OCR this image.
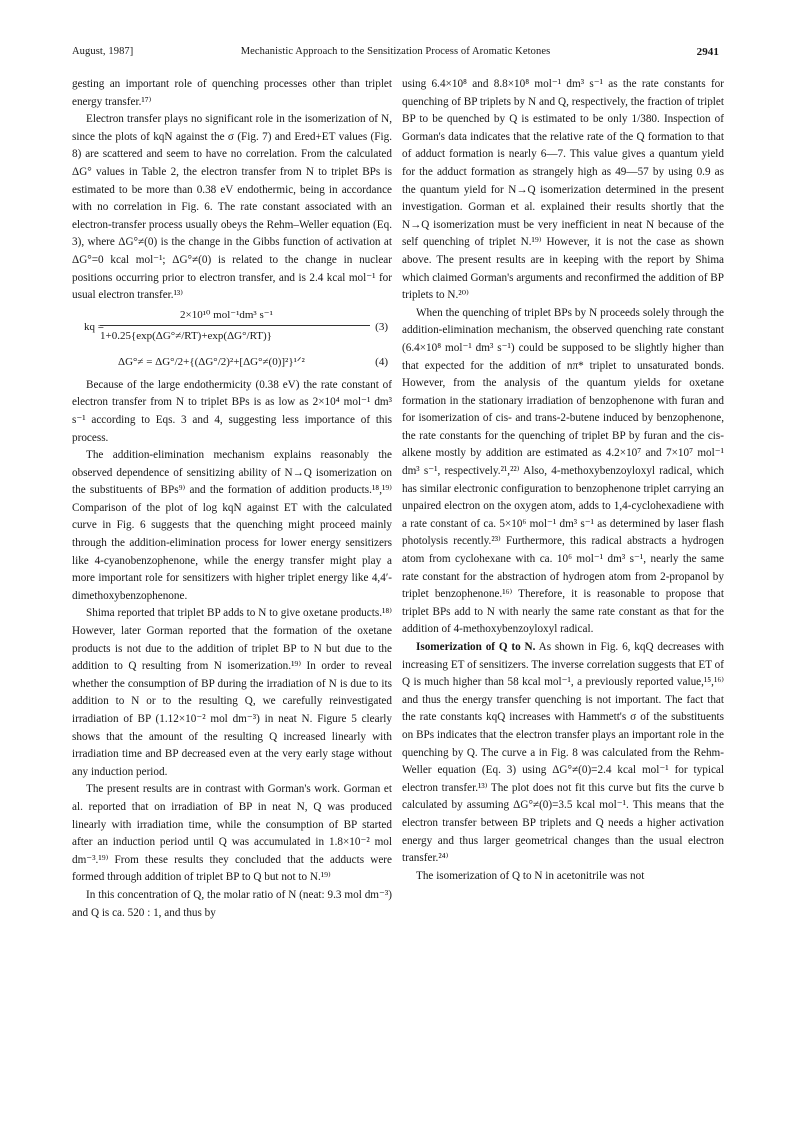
August, 1987]	Mechanistic Approach to the Sensitization Process of Aromatic Ketones	2941

gesting an important role of quenching processes other than triplet energy transfer.¹⁷⁾

Electron transfer plays no significant role in the isomerization of N, since the plots of kqN against the σ (Fig. 7) and Ered+ET values (Fig. 8) are scattered and seem to have no correlation. From the calculated ΔG° values in Table 2, the electron transfer from N to triplet BPs is estimated to be more than 0.38 eV endothermic, being in accordance with no correlation in Fig. 6. The rate constant associated with an electron-transfer process usually obeys the Rehm–Weller equation (Eq. 3), where ΔG°≠(0) is the change in the Gibbs function of activation at ΔG°=0 kcal mol⁻¹; ΔG°≠(0) is related to the change in nuclear positions occurring prior to electron transfer, and is 2.4 kcal mol⁻¹ for usual electron transfer.¹³⁾

kq =
2×10¹⁰ mol⁻¹dm³ s⁻¹
1+0.25{exp(ΔG°≠/RT)+exp(ΔG°/RT)}
(3)
ΔG°≠ = ΔG°/2+{(ΔG°/2)²+[ΔG°≠(0)]²}¹ᐟ²	(4)

Because of the large endothermicity (0.38 eV) the rate constant of electron transfer from N to triplet BPs is as low as 2×10⁴ mol⁻¹ dm³ s⁻¹ according to Eqs. 3 and 4, suggesting less importance of this process.

The addition-elimination mechanism explains reasonably the observed dependence of sensitizing ability of N→Q isomerization on the substituents of BPs⁹⁾ and the formation of addition products.¹⁸,¹⁹⁾ Comparison of the plot of log kqN against ET with the calculated curve in Fig. 6 suggests that the quenching might proceed mainly through the addition-elimination process for lower energy sensitizers like 4-cyanobenzophenone, while the energy transfer might play a more important role for sensitizers with higher triplet energy like 4,4′-dimethoxybenzophenone.

Shima reported that triplet BP adds to N to give oxetane products.¹⁸⁾ However, later Gorman reported that the formation of the oxetane products is not due to the addition of triplet BP to N but due to the addition to Q resulting from N isomerization.¹⁹⁾ In order to reveal whether the consumption of BP during the irradiation of N is due to its addition to N or to the resulting Q, we carefully reinvestigated irradiation of BP (1.12×10⁻² mol dm⁻³) in neat N. Figure 5 clearly shows that the amount of the resulting Q increased linearly with irradiation time and BP decreased even at the very early stage without any induction period.

The present results are in contrast with Gorman's work. Gorman et al. reported that on irradiation of BP in neat N, Q was produced linearly with irradiation time, while the consumption of BP started after an induction period until Q was accumulated in 1.8×10⁻² mol dm⁻³.¹⁹⁾ From these results they concluded that the adducts were formed through addition of triplet BP to Q but not to N.¹⁹⁾

In this concentration of Q, the molar ratio of N (neat: 9.3 mol dm⁻³) and Q is ca. 520 : 1, and thus by

using 6.4×10⁸ and 8.8×10⁸ mol⁻¹ dm³ s⁻¹ as the rate constants for quenching of BP triplets by N and Q, respectively, the fraction of triplet BP to be quenched by Q is estimated to be only 1/380. Inspection of Gorman's data indicates that the relative rate of the Q formation to that of adduct formation is nearly 6—7. This value gives a quantum yield for the adduct formation as strangely high as 49—57 by using 0.9 as the quantum yield for N→Q isomerization determined in the present investigation. Gorman et al. explained their results shortly that the N→Q isomerization must be very inefficient in neat N because of the self quenching of triplet N.¹⁹⁾ However, it is not the case as shown above. The present results are in keeping with the report by Shima which claimed Gorman's arguments and reconfirmed the addition of BP triplets to N.²⁰⁾

When the quenching of triplet BPs by N proceeds solely through the addition-elimination mechanism, the observed quenching rate constant (6.4×10⁸ mol⁻¹ dm³ s⁻¹) could be supposed to be slightly higher than that expected for the addition of nπ* triplet to unsaturated bonds. However, from the analysis of the quantum yields for oxetane formation in the stationary irradiation of benzophenone with furan and for isomerization of cis- and trans-2-butene induced by benzophenone, the rate constants for the quenching of triplet BP by furan and the cis-alkene mostly by addition are estimated as 4.2×10⁷ and 7×10⁷ mol⁻¹ dm³ s⁻¹, respectively.²¹,²²⁾ Also, 4-methoxybenzoyloxyl radical, which has similar electronic configuration to benzophenone triplet carrying an unpaired electron on the oxygen atom, adds to 1,4-cyclohexadiene with a rate constant of ca. 5×10⁶ mol⁻¹ dm³ s⁻¹ as determined by laser flash photolysis recently.²³⁾ Furthermore, this radical abstracts a hydrogen atom from cyclohexane with ca. 10⁶ mol⁻¹ dm³ s⁻¹, nearly the same rate constant for the abstraction of hydrogen atom from 2-propanol by triplet benzophenone.¹⁶⁾ Therefore, it is reasonable to propose that triplet BPs add to N with nearly the same rate constant as that for the addition of 4-methoxybenzoyloxyl radical.

Isomerization of Q to N. As shown in Fig. 6, kqQ decreases with increasing ET of sensitizers. The inverse correlation suggests that ET of Q is much higher than 58 kcal mol⁻¹, a previously reported value,¹⁵,¹⁶⁾ and thus the energy transfer quenching is not important. The fact that the rate constants kqQ increases with Hammett's σ of the substituents on BPs indicates that the electron transfer plays an important role in the quenching by Q. The curve a in Fig. 8 was calculated from the Rehm-Weller equation (Eq. 3) using ΔG°≠(0)=2.4 kcal mol⁻¹ for typical electron transfer.¹³⁾ The plot does not fit this curve but fits the curve b calculated by assuming ΔG°≠(0)=3.5 kcal mol⁻¹. This means that the electron transfer between BP triplets and Q needs a higher activation energy and thus larger geometrical changes than the usual electron transfer.²⁴⁾

The isomerization of Q to N in acetonitrile was not
